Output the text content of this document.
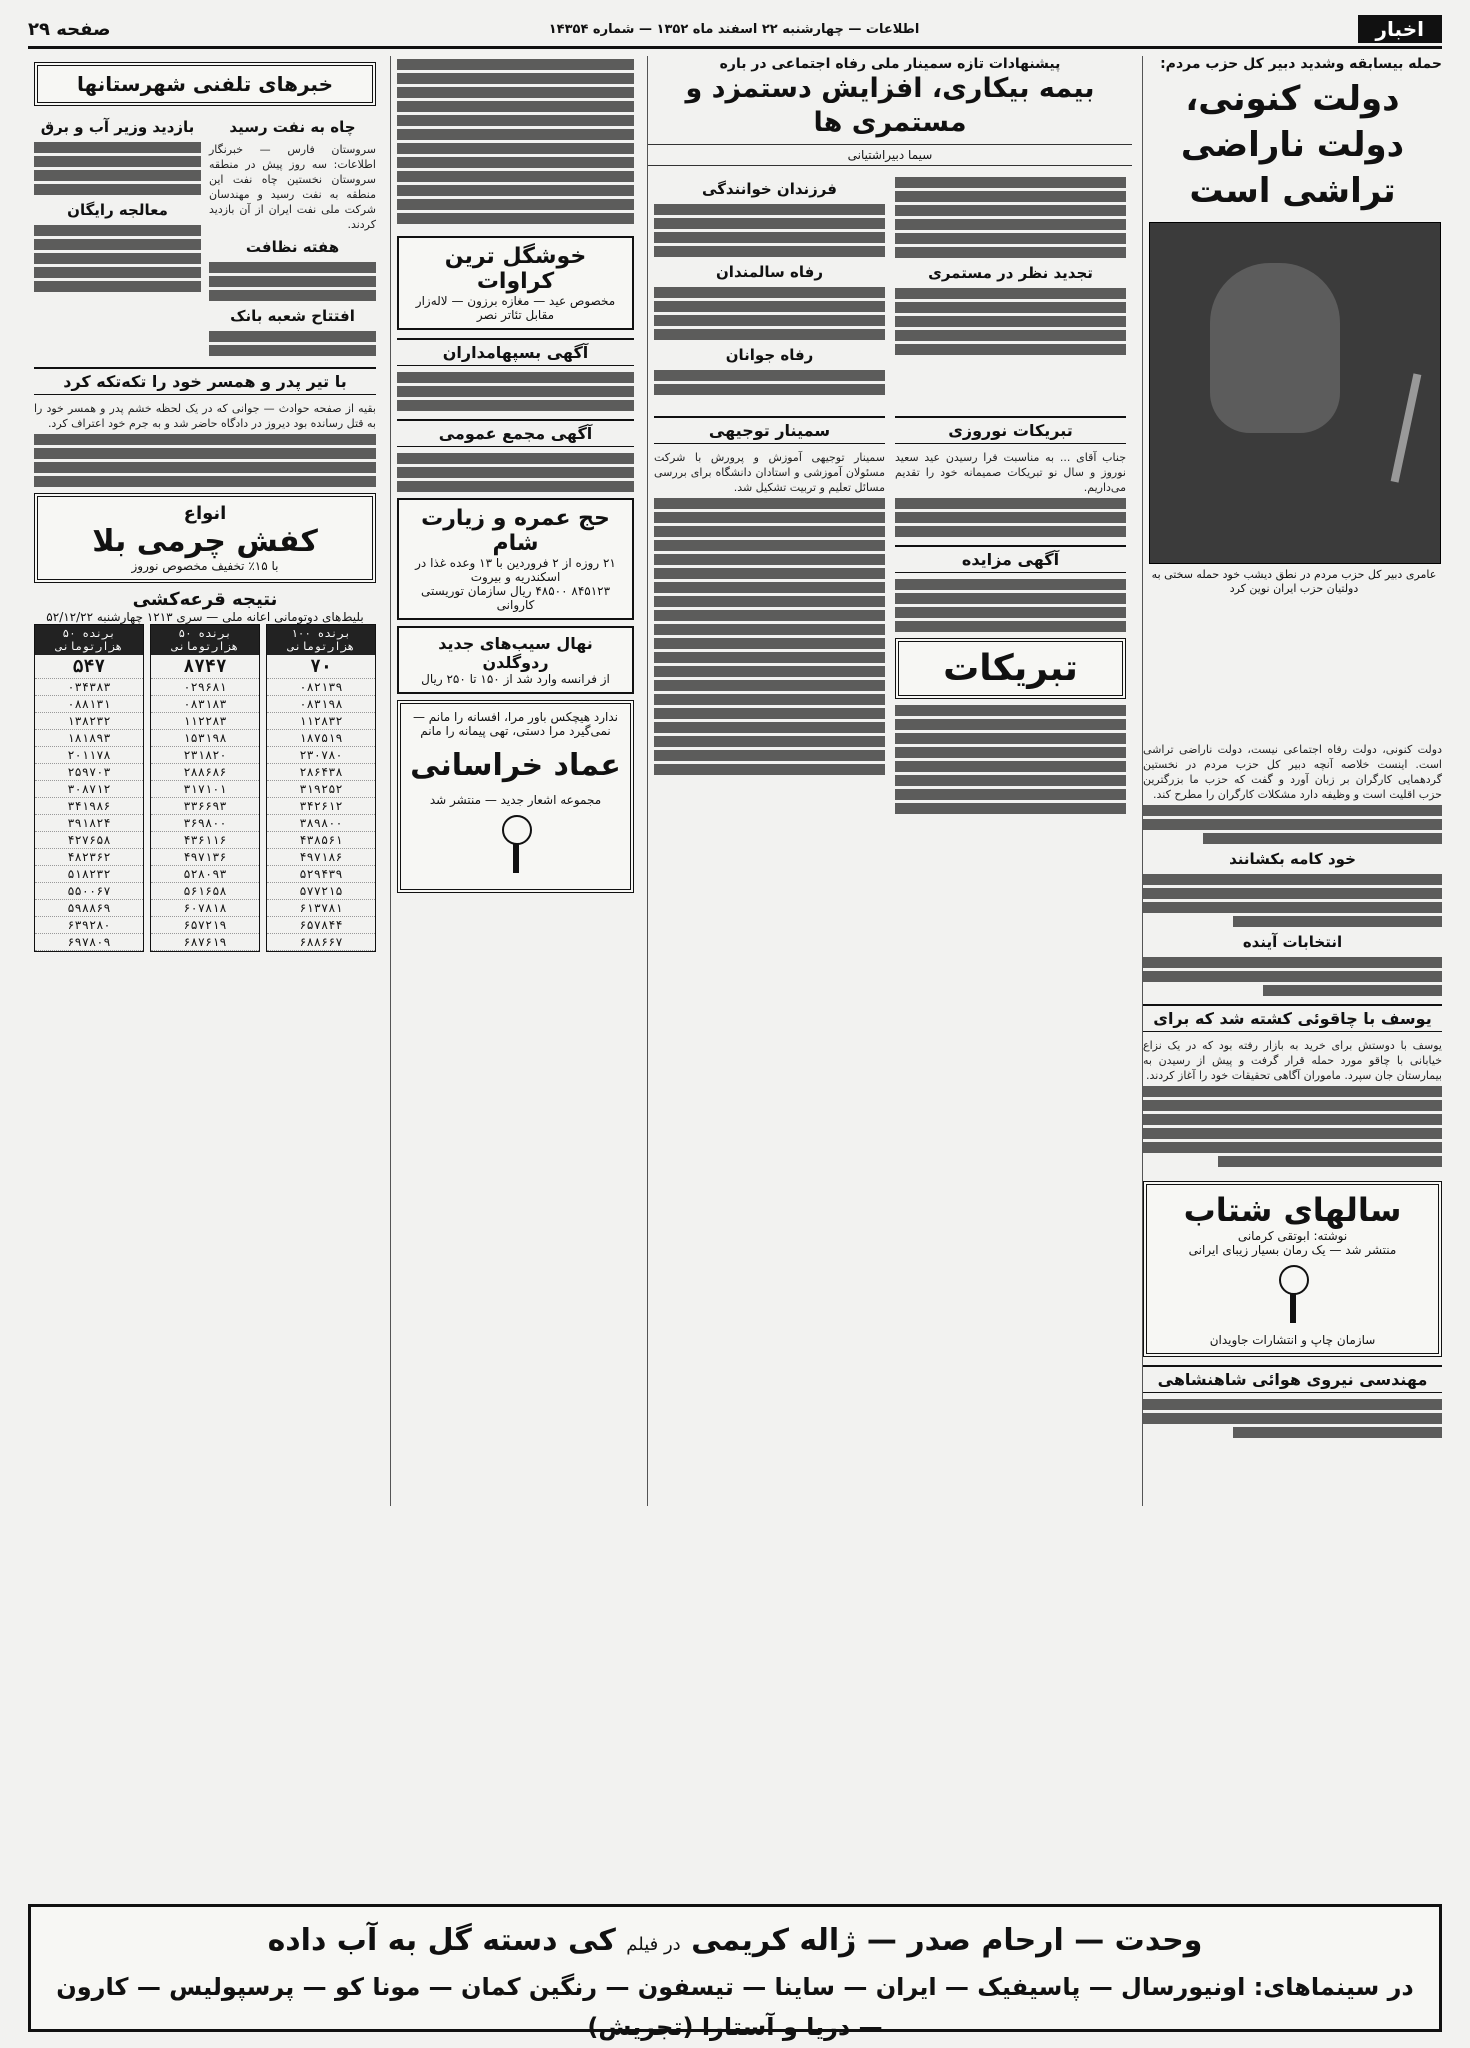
اخبار
اطلاعات — چهارشنبه ۲۲ اسفند ماه ۱۳۵۲ — شماره ۱۴۳۵۴
صفحه ۲۹
حمله بیسابقه وشدید دبیر کل حزب مردم:
دولت کنونی، دولت ناراضی تراشی است
عامری دبیر کل حزب مردم در نطق دیشب خود حمله سختی به دولتیان حزب ایران نوین کرد
دولت کنونی، دولت رفاه اجتماعی نیست، دولت ناراضی تراشی است. اینست خلاصه آنچه دبیر کل حزب مردم در نخستین گردهمایی کارگران بر زبان آورد و گفت که حزب ما بزرگترین حزب اقلیت است و وظیفه دارد مشکلات کارگران را مطرح کند.
خود کامه بکشانند
انتخابات آینده
یوسف با چاقوئی کشته شد که برای
یوسف با دوستش برای خرید به بازار رفته بود که در یک نزاع خیابانی با چاقو مورد حمله قرار گرفت و پیش از رسیدن به بیمارستان جان سپرد. ماموران آگاهی تحقیقات خود را آغاز کردند.
سالهای شتاب
نوشته: ابوتقی کرمانی
منتشر شد — یک رمان بسیار زیبای ایرانی
سازمان چاپ و انتشارات جاویدان
مهندسی نیروی هوائی شاهنشاهی
پیشنهادات تازه سمینار ملی رفاه اجتماعی در باره
بیمه بیکاری، افزایش دستمزد و مستمری ها
سیما دبیراشتیانی
تجدید نظر در مستمری
فرزندان خوانندگی
رفاه سالمندان
رفاه جوانان
تبریکات نوروزی
جناب آقای ... به مناسبت فرا رسیدن عید سعید نوروز و سال نو تبریکات صمیمانه خود را تقدیم می‌داریم.
آگهی مزایده
تبریکات
سمینار توجیهی
سمینار توجیهی آموزش و پرورش با شرکت مسئولان آموزشی و استادان دانشگاه برای بررسی مسائل تعلیم و تربیت تشکیل شد.
خوشگل ترین کراوات
مخصوص عید — مغازه برزون — لاله‌زار مقابل تئاتر نصر
آگهی بسپهامداران
آگهی مجمع عمومی
حج عمره و زیارت شام
۲۱ روزه از ۲ فروردین با ۱۳ وعده غذا در اسکندریه و بیروت
۸۴۵۱۲۳ ۴۸۵۰۰ ریال سازمان توریستی کاروانی
نهال سیب‌های جدید ردوگلدن
از فرانسه وارد شد از ۱۵۰ تا ۲۵۰ ریال
ندارد هیچکس باور مرا، افسانه را مانم — نمی‌گیرد مرا دستی، تهی پیمانه را مانم
عماد خراسانی
مجموعه اشعار جدید — منتشر شد
خبرهای تلفنی شهرستانها
چاه به نفت رسید
سروستان فارس — خبرنگار اطلاعات: سه روز پیش در منطقه سروستان نخستین چاه نفت این منطقه به نفت رسید و مهندسان شرکت ملی نفت ایران از آن بازدید کردند.
هفته نظافت
افتتاح شعبه بانک
بازدید وزیر آب و برق
معالجه رایگان
با تیر پدر و همسر خود را تکه‌تکه کرد
بقیه از صفحه حوادث — جوانی که در یک لحظه خشم پدر و همسر خود را به قتل رسانده بود دیروز در دادگاه حاضر شد و به جرم خود اعتراف کرد.
انواع
کفش چرمی بلا
با ۱۵٪ تخفیف مخصوص نوروز
نتیجه قرعه‌کشی
بلیط‌های دوتومانی اعانه ملی — سری ۱۲۱۳ چهارشنبه ۵۲/۱۲/۲۲
برنده ۱۰۰ هزارتومانی
۷۰
۰۸۲۱۳۹
۰۸۳۱۹۸
۱۱۲۸۳۲
۱۸۷۵۱۹
۲۳۰۷۸۰
۲۸۶۴۳۸
۳۱۹۲۵۲
۳۴۲۶۱۲
۳۸۹۸۰۰
۴۳۸۵۶۱
۴۹۷۱۸۶
۵۲۹۴۳۹
۵۷۷۲۱۵
۶۱۳۷۸۱
۶۵۷۸۴۴
۶۸۸۶۶۷
برنده ۵۰ هزارتومانی
۸۷۴۷
۰۲۹۶۸۱
۰۸۳۱۸۳
۱۱۲۲۸۳
۱۵۳۱۹۸
۲۳۱۸۲۰
۲۸۸۶۸۶
۳۱۷۱۰۱
۳۳۶۶۹۳
۳۶۹۸۰۰
۴۳۶۱۱۶
۴۹۷۱۳۶
۵۲۸۰۹۳
۵۶۱۶۵۸
۶۰۷۸۱۸
۶۵۷۲۱۹
۶۸۷۶۱۹
برنده ۵۰ هزارتومانی
۵۴۷
۰۳۴۳۸۳
۰۸۸۱۳۱
۱۳۸۲۳۲
۱۸۱۸۹۳
۲۰۱۱۷۸
۲۵۹۷۰۳
۳۰۸۷۱۲
۳۴۱۹۸۶
۳۹۱۸۲۴
۴۲۷۶۵۸
۴۸۲۳۶۲
۵۱۸۲۳۲
۵۵۰۰۶۷
۵۹۸۸۶۹
۶۳۹۲۸۰
۶۹۷۸۰۹
وحدت — ارحام صدر — ژاله کریمی در فیلم کی دسته گل به آب داده
در سینماهای: اونیورسال — پاسیفیک — ایران — ساینا — تیسفون — رنگین کمان — مونا کو — پرسپولیس — کارون — دریا و آستارا (تجریش)
